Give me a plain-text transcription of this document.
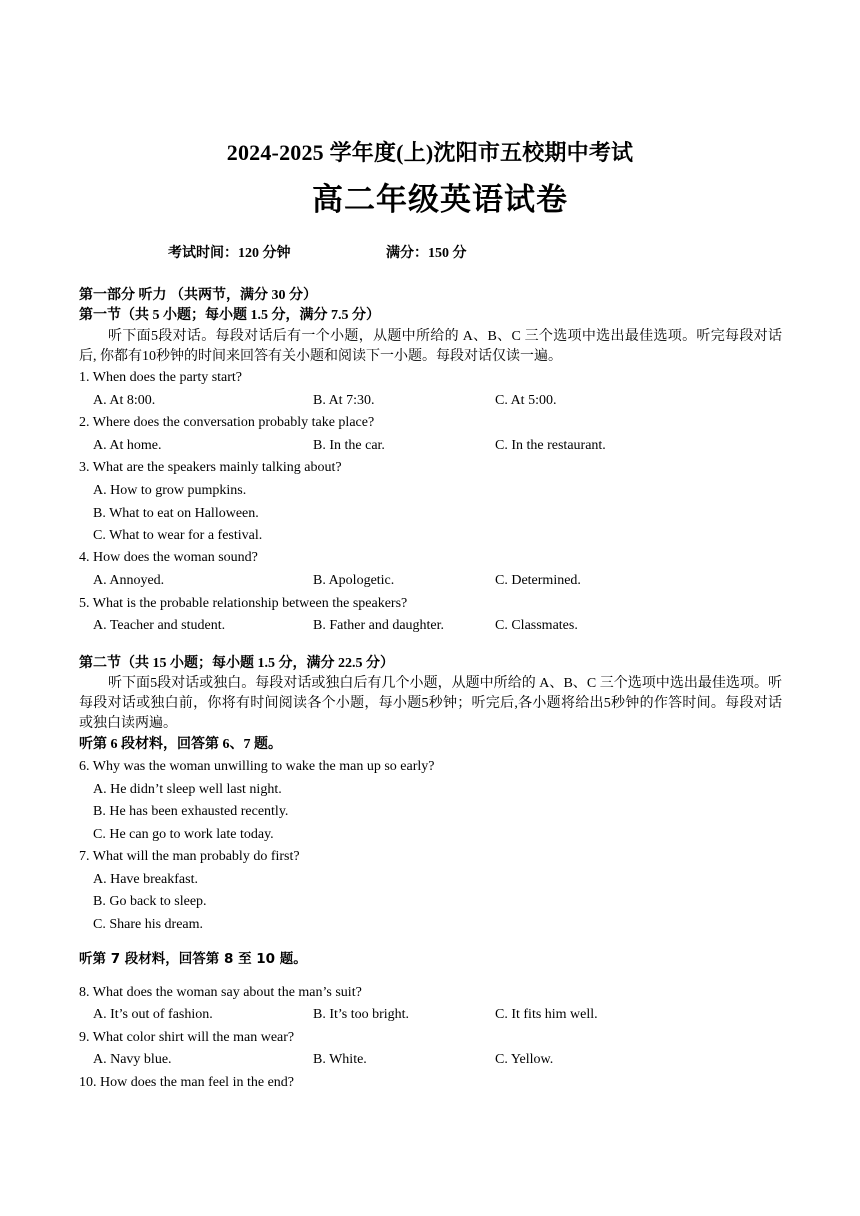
2024-2025 学年度(上)沈阳市五校期中考试
高二年级英语试卷
考试时间：120 分钟	满分：150 分
第一部分 听力 （共两节，满分 30 分）
第一节（共 5 小题；每小题 1.5 分，满分 7.5 分）
听下面5段对话。每段对话后有一个小题，从题中所给的 A、B、C 三个选项中选出最佳选项。听完每段对话后, 你都有10秒钟的时间来回答有关小题和阅读下一小题。每段对话仅读一遍。
1. When does the party start?
A. At 8:00.	B. At 7:30.	C. At 5:00.
2. Where does the conversation probably take place?
A. At home.	B. In the car.	C. In the restaurant.
3. What are the speakers mainly talking about?
A. How to grow pumpkins.
B. What to eat on Halloween.
C. What to wear for a festival.
4. How does the woman sound?
A. Annoyed.	B. Apologetic.	C. Determined.
5. What is the probable relationship between the speakers?
A. Teacher and student.	B. Father and daughter.	C. Classmates.
第二节（共 15 小题；每小题 1.5 分，满分 22.5 分）
听下面5段对话或独白。每段对话或独白后有几个小题，从题中所给的 A、B、C 三个选项中选出最佳选项。听每段对话或独白前，你将有时间阅读各个小题，每小题5秒钟；听完后,各小题将给出5秒钟的作答时间。每段对话或独白读两遍。
听第 6 段材料，回答第 6、7 题。
6. Why was the woman unwilling to wake the man up so early?
A. He didn’t sleep well last night.
B. He has been exhausted recently.
C. He can go to work late today.
7. What will the man probably do first?
A. Have breakfast.
B. Go back to sleep.
C. Share his dream.
听第 7 段材料，回答第 8 至 10 题。
8. What does the woman say about the man’s suit?
A. It’s out of fashion.	B. It’s too bright.	C. It fits him well.
9. What color shirt will the man wear?
A. Navy blue.	B. White.	C. Yellow.
10. How does the man feel in the end?
